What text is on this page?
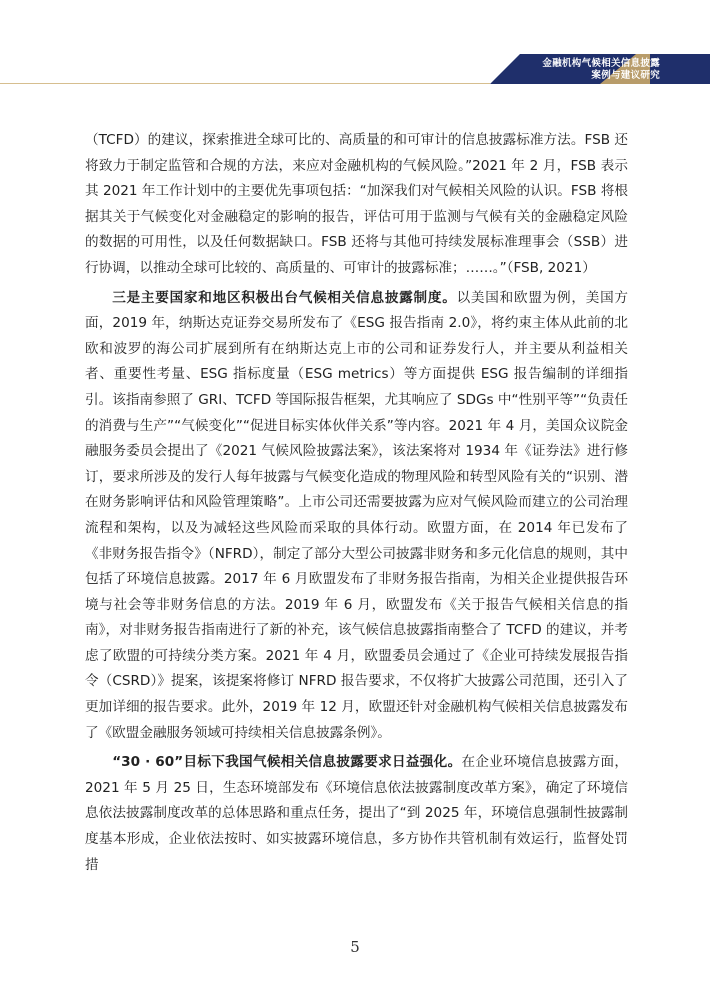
金融机构气候相关信息披露
案例与建议研究

（TCFD）的建议，探索推进全球可比的、高质量的和可审计的信息披露标准方法。FSB 还将致力于制定监管和合规的方法，来应对金融机构的气候风险。”2021 年 2 月，FSB 表示其 2021 年工作计划中的主要优先事项包括：“加深我们对气候相关风险的认识。FSB 将根据其关于气候变化对金融稳定的影响的报告，评估可用于监测与气候有关的金融稳定风险的数据的可用性，以及任何数据缺口。FSB 还将与其他可持续发展标准理事会（SSB）进行协调，以推动全球可比较的、高质量的、可审计的披露标准；……。”（FSB, 2021）

三是主要国家和地区积极出台气候相关信息披露制度。以美国和欧盟为例，美国方面，2019 年，纳斯达克证券交易所发布了《ESG 报告指南 2.0》，将约束主体从此前的北欧和波罗的海公司扩展到所有在纳斯达克上市的公司和证券发行人，并主要从利益相关者、重要性考量、ESG 指标度量（ESG metrics）等方面提供 ESG 报告编制的详细指引。该指南参照了 GRI、TCFD 等国际报告框架，尤其响应了 SDGs 中“性别平等”“负责任的消费与生产”“气候变化”“促进目标实体伙伴关系”等内容。2021 年 4 月，美国众议院金融服务委员会提出了《2021 气候风险披露法案》，该法案将对 1934 年《证券法》进行修订，要求所涉及的发行人每年披露与气候变化造成的物理风险和转型风险有关的“识别、潜在财务影响评估和风险管理策略”。上市公司还需要披露为应对气候风险而建立的公司治理流程和架构，以及为减轻这些风险而采取的具体行动。欧盟方面，在 2014 年已发布了《非财务报告指令》（NFRD），制定了部分大型公司披露非财务和多元化信息的规则，其中包括了环境信息披露。2017 年 6 月欧盟发布了非财务报告指南，为相关企业提供报告环境与社会等非财务信息的方法。2019 年 6 月，欧盟发布《关于报告气候相关信息的指南》，对非财务报告指南进行了新的补充，该气候信息披露指南整合了 TCFD 的建议，并考虑了欧盟的可持续分类方案。2021 年 4 月，欧盟委员会通过了《企业可持续发展报告指令（CSRD）》提案，该提案将修订 NFRD 报告要求，不仅将扩大披露公司范围，还引入了更加详细的报告要求。此外，2019 年 12 月，欧盟还针对金融机构气候相关信息披露发布了《欧盟金融服务领域可持续相关信息披露条例》。

“30 · 60”目标下我国气候相关信息披露要求日益强化。在企业环境信息披露方面，2021 年 5 月 25 日，生态环境部发布《环境信息依法披露制度改革方案》，确定了环境信息依法披露制度改革的总体思路和重点任务，提出了“到 2025 年，环境信息强制性披露制度基本形成，企业依法按时、如实披露环境信息，多方协作共管机制有效运行，监督处罚措

5
